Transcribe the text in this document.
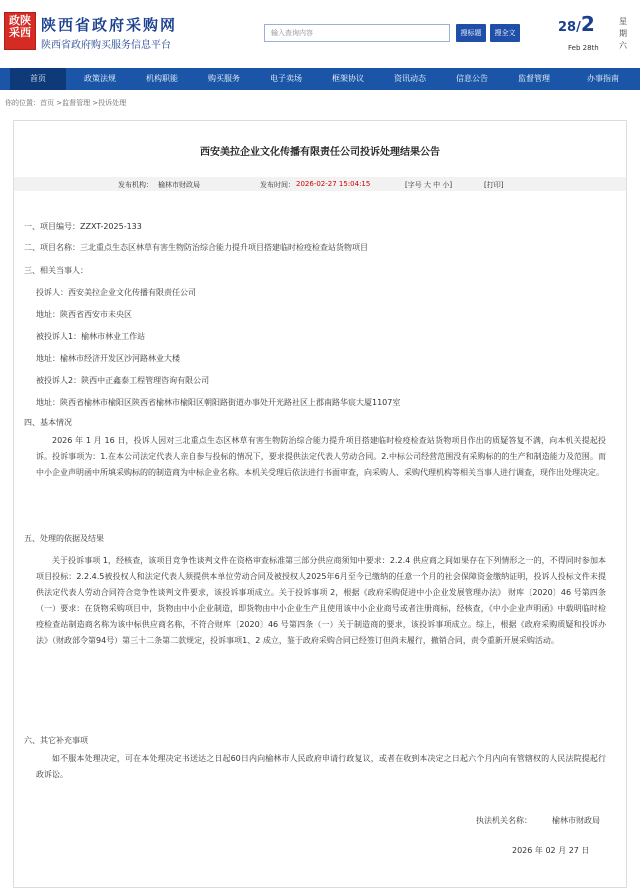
政陕
采西 陕西省政府采购网
陕西省政府购买服务信息平台
输入查询内容	搜标题	搜全文	28/2
Feb 28th
星期六
首页	政策法规	机构职能	购买服务	电子卖场	框架协议	资讯动态	信息公告	监督管理	办事指南
你的位置：首页 >监督管理 >投诉处理
西安美拉企业文化传播有限责任公司投诉处理结果公告
发布机构： 榆林市财政局	发布时间： 2026-02-27 15:04:15	[字号 大 中 小]	[打印]
一、项目编号：ZZXT-2025-133
二、项目名称：三北重点生态区林草有害生物防治综合能力提升项目搭建临时检疫检查站货物项目
三、相关当事人：
投诉人：西安美拉企业文化传播有限责任公司
地址：陕西省西安市未央区
被投诉人1：榆林市林业工作站
地址：榆林市经济开发区沙河路林业大楼
被投诉人2：陕西中正鑫泰工程管理咨询有限公司
地址：陕西省榆林市榆阳区陕西省榆林市榆阳区朝阳路街道办事处开光路社区上郡南路华宸大厦1107室
四、基本情况
2026 年 1 月 16 日，投诉人因对三北重点生态区林草有害生物防治综合能力提升项目搭建临时检疫检查站货物项目作出的质疑答复不满，向本机关提起投诉。投诉事项为：1.在本公司法定代表人亲自参与投标的情况下，要求提供法定代表人劳动合同。2.中标公司经营范围没有采购标的的生产和制造能力及范围。而中小企业声明函中所填采购标的的制造商为中标企业名称。本机关受理后依法进行书面审查，向采购人、采购代理机构等相关当事人进行调查，现作出处理决定。
五、处理的依据及结果
关于投诉事项 1，经核查，该项目竞争性谈判文件在资格审查标准第三部分供应商须知中要求：2.2.4 供应商之间如果存在下列情形之一的，不得同时参加本项目投标：2.2.4.5被投权人和法定代表人须提供本单位劳动合同及被授权人2025年6月至今已缴纳的任意一个月的社会保障资金缴纳证明，投诉人投标文件未提供法定代表人劳动合同符合竞争性谈判文件要求，该投诉事项成立。关于投诉事项 2，根据《政府采购促进中小企业发展管理办法》 财库〔2020〕46 号第四条（一）要求：在货物采购项目中，货物由中小企业制造，即货物由中小企业生产且使用该中小企业商号或者注册商标，经核查，《中小企业声明函》中载明临时检疫检查站制造商名称为该中标供应商名称，不符合财库〔2020〕46 号第四条（一）关于制造商的要求，该投诉事项成立。综上，根据《政府采购质疑和投诉办法》（财政部令第94号）第三十二条第二款规定，投诉事项1、2 成立，鉴于政府采购合同已经签订但尚未履行，撤销合同，责令重新开展采购活动。
六、其它补充事项
如不服本处理决定，可在本处理决定书送达之日起60日内向榆林市人民政府申请行政复议，或者在收到本决定之日起六个月内向有管辖权的人民法院提起行政诉讼。
执法机关名称：	榆林市财政局
2026 年 02 月 27 日
